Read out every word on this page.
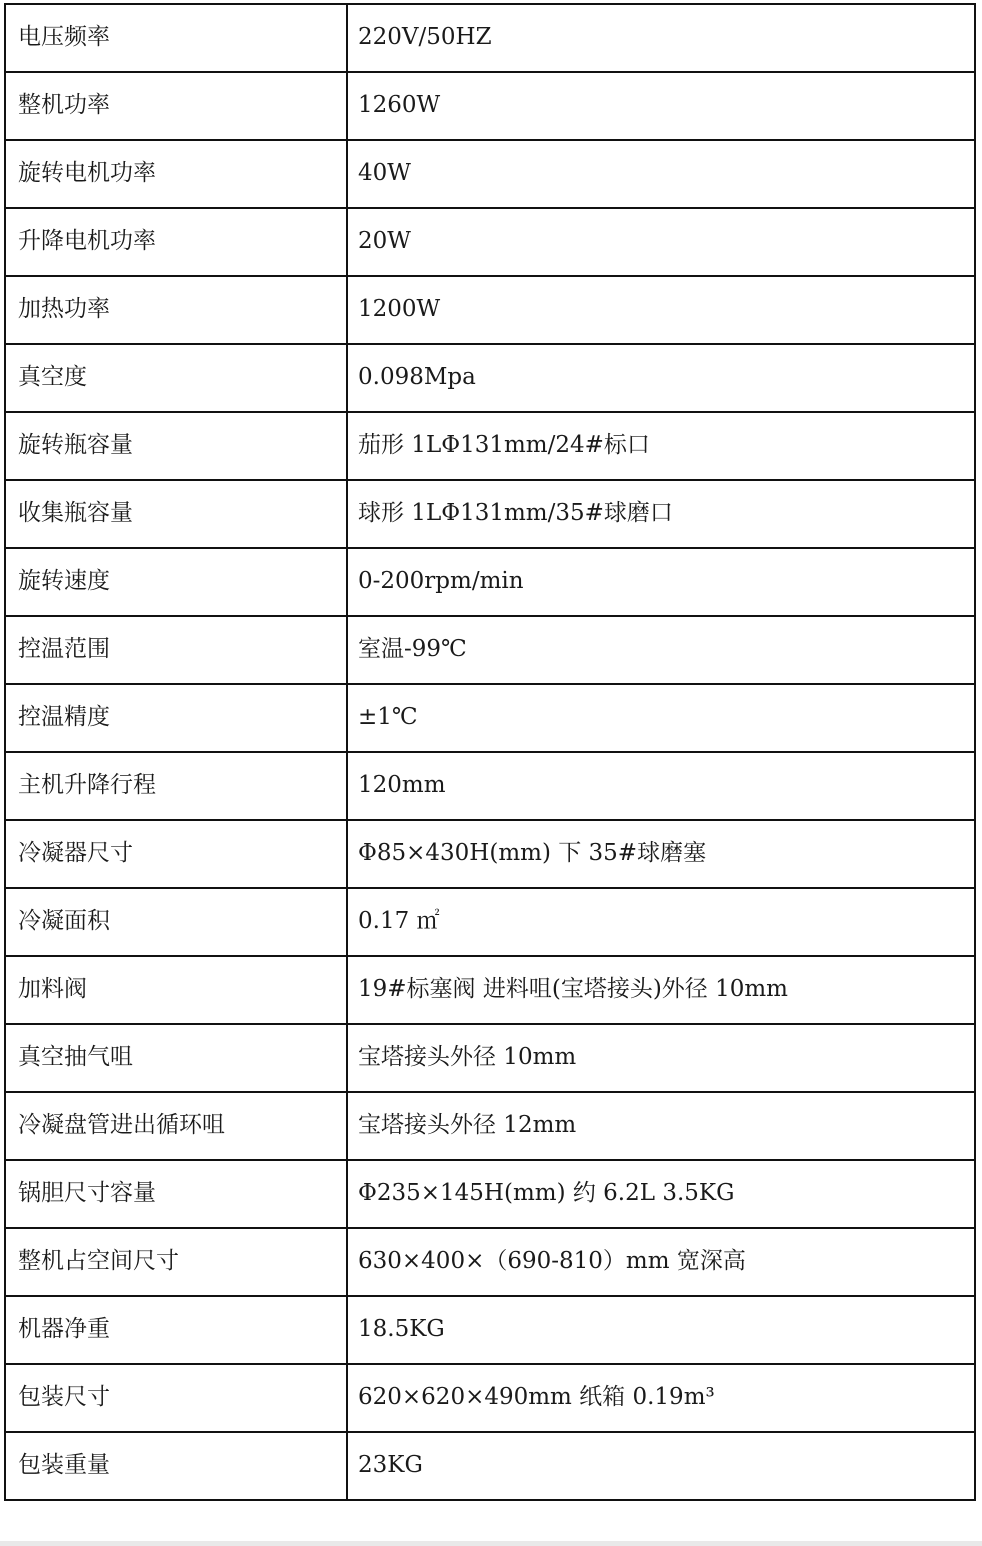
电压频率	220V/50HZ
整机功率	1260W
旋转电机功率	40W
升降电机功率	20W
加热功率	1200W
真空度	0.098Mpa
旋转瓶容量	茄形 1LΦ131mm/24#标口
收集瓶容量	球形 1LΦ131mm/35#球磨口
旋转速度	0-200rpm/min
控温范围	室温-99℃
控温精度	±1℃
主机升降行程	120mm
冷凝器尺寸	Φ85×430H(mm) 下 35#球磨塞
冷凝面积	0.17 ㎡
加料阀	19#标塞阀 进料咀(宝塔接头)外径 10mm
真空抽气咀	宝塔接头外径 10mm
冷凝盘管进出循环咀	宝塔接头外径 12mm
锅胆尺寸容量	Φ235×145H(mm) 约 6.2L 3.5KG
整机占空间尺寸	630×400×（690-810）mm 宽深高
机器净重	18.5KG
包装尺寸	620×620×490mm 纸箱 0.19m³
包装重量	23KG
